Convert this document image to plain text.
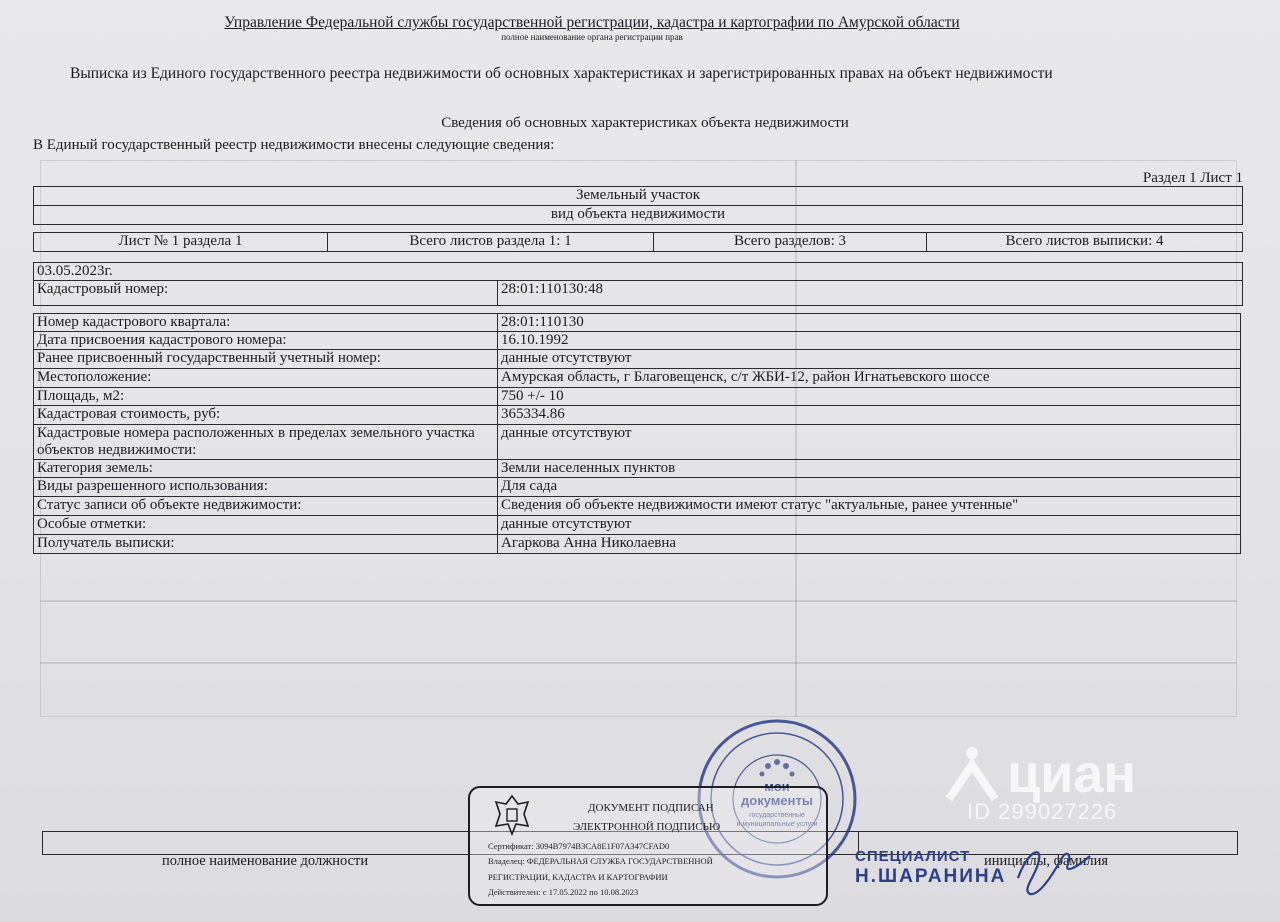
Управление Федеральной службы государственной регистрации, кадастра и картографии по Амурской области
полное наименование органа регистрации прав
Выписка из Единого государственного реестра недвижимости об основных характеристиках и зарегистрированных правах на объект недвижимости
Сведения об основных характеристиках объекта недвижимости
В Единый государственный реестр недвижимости внесены следующие сведения:
Раздел 1 Лист 1
Земельный участок
вид объекта недвижимости
Лист № 1 раздела 1	Всего листов раздела 1: 1	Всего разделов: 3	Всего листов выписки: 4
03.05.2023г.
Кадастровый номер:	28:01:110130:48
Номер кадастрового квартала:	28:01:110130
Дата присвоения кадастрового номера:	16.10.1992
Ранее присвоенный государственный учетный номер:	данные отсутствуют
Местоположение:	Амурская область, г Благовещенск, с/т ЖБИ-12, район Игнатьевского шоссе
Площадь, м2:	750 +/- 10
Кадастровая стоимость, руб:	365334.86
Кадастровые номера расположенных в пределах земельного участка объектов недвижимости:	данные отсутствуют
Категория земель:	Земли населенных пунктов
Виды разрешенного использования:	Для сада
Статус записи об объекте недвижимости:	Сведения об объекте недвижимости имеют статус "актуальные, ранее учтенные"
Особые отметки:	данные отсутствуют
Получатель выписки:	Агаркова Анна Николаевна
мои
документы
государственные
и муниципальные услуги
циан
ID 299027226
полное наименование должности	инициалы, фамилия
СПЕЦИАЛИСТ
Н.ШАРАНИНА
ДОКУМЕНТ ПОДПИСАН
ЭЛЕКТРОННОЙ ПОДПИСЬЮ
Сертификат: 3094B7974B3CA8E1F07A347CFAD0
Владелец: ФЕДЕРАЛЬНАЯ СЛУЖБА ГОСУДАРСТВЕННОЙ
РЕГИСТРАЦИИ, КАДАСТРА И КАРТОГРАФИИ
Действителен: с 17.05.2022 по 10.08.2023
